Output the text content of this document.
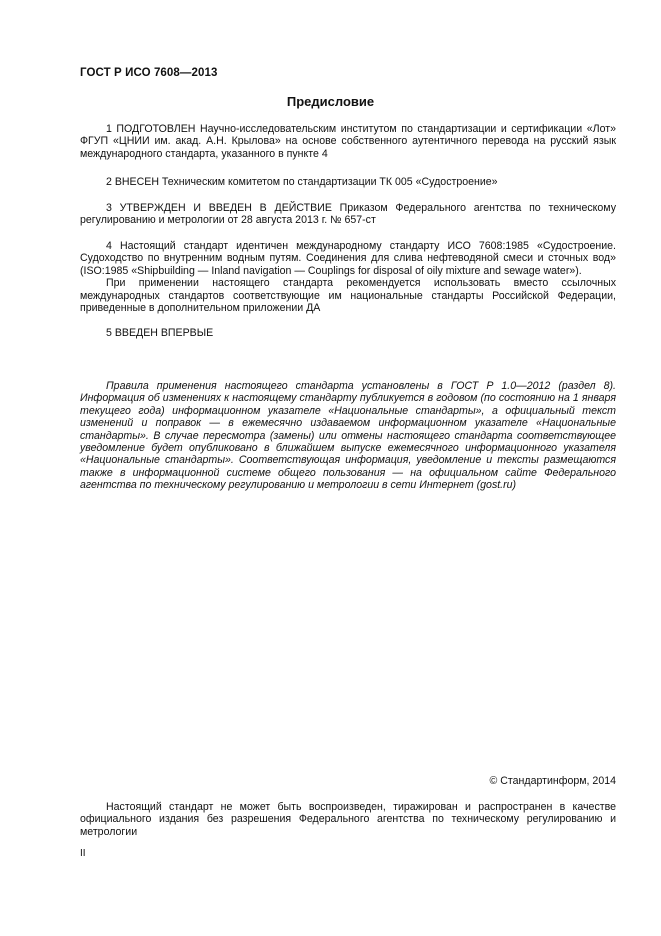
ГОСТ Р ИСО 7608—2013
Предисловие

1 ПОДГОТОВЛЕН Научно-исследовательским институтом по стандартизации и сертификации «Лот» ФГУП «ЦНИИ им. акад. А.Н. Крылова» на основе собственного аутентичного перевода на русский язык международного стандарта, указанного в пункте 4

2 ВНЕСЕН Техническим комитетом по стандартизации ТК 005 «Судостроение»

3 УТВЕРЖДЕН И ВВЕДЕН В ДЕЙСТВИЕ Приказом Федерального агентства по техническому регулированию и метрологии от 28 августа 2013 г. № 657-ст

4 Настоящий стандарт идентичен международному стандарту ИСО 7608:1985 «Судостроение. Судоходство по внутренним водным путям. Соединения для слива нефтеводяной смеси и сточных вод» (ISO:1985 «Shipbuilding — Inland navigation — Couplings for disposal of oily mixture and sewage water»).

При применении настоящего стандарта рекомендуется использовать вместо ссылочных международных стандартов соответствующие им национальные стандарты Российской Федерации, приведенные в дополнительном приложении ДА

5 ВВЕДЕН ВПЕРВЫЕ

Правила применения настоящего стандарта установлены в ГОСТ Р 1.0—2012 (раздел 8). Информация об изменениях к настоящему стандарту публикуется в годовом (по состоянию на 1 января текущего года) информационном указателе «Национальные стандарты», а официальный текст изменений и поправок — в ежемесячно издаваемом информационном указателе «Национальные стандарты». В случае пересмотра (замены) или отмены настоящего стандарта соответствующее уведомление будет опубликовано в ближайшем выпуске ежемесячного информационного указателя «Национальные стандарты». Соответствующая информация, уведомление и тексты размещаются также в информационной системе общего пользования — на официальном сайте Федерального агентства по техническому регулированию и метрологии в сети Интернет (gost.ru)

© Стандартинформ, 2014

Настоящий стандарт не может быть воспроизведен, тиражирован и распространен в качестве официального издания без разрешения Федерального агентства по техническому регулированию и метрологии

II
